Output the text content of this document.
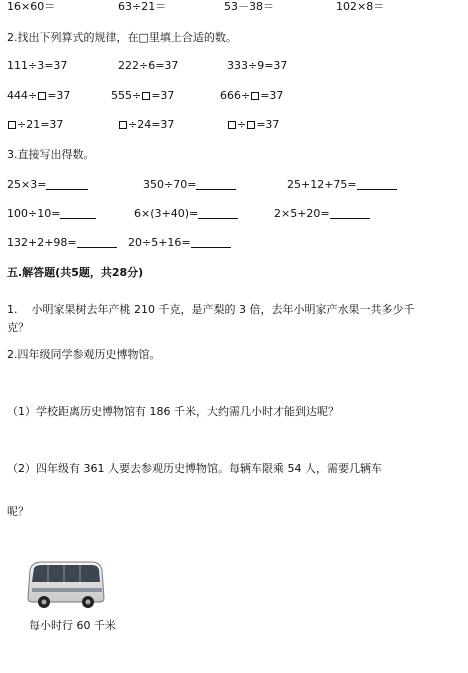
16×60＝	63÷21＝	53－38＝	102×8＝
2.找出下列算式的规律，在□里填上合适的数。
111÷3=37	222÷6=37	333÷9=37
444÷ =37	555÷ =37	666÷ =37
÷21=37	÷24=37	÷ =37
3.直接写出得数。
25×3=	350÷70=	25+12+75=
100÷10=	6×(3+40)=	2×5+20=
132+2+98=	20÷5+16=
五.解答题(共5题，共28分)
1.    小明家果树去年产桃 210 千克，是产梨的 3 倍，去年小明家产水果一共多少千克？
2.四年级同学参观历史博物馆。
（1）学校距离历史博物馆有 186 千米，大约需几小时才能到达呢？
（2）四年级有 361 人要去参观历史博物馆。每辆车限乘 54 人，需要几辆车
呢？
每小时行 60 千米
